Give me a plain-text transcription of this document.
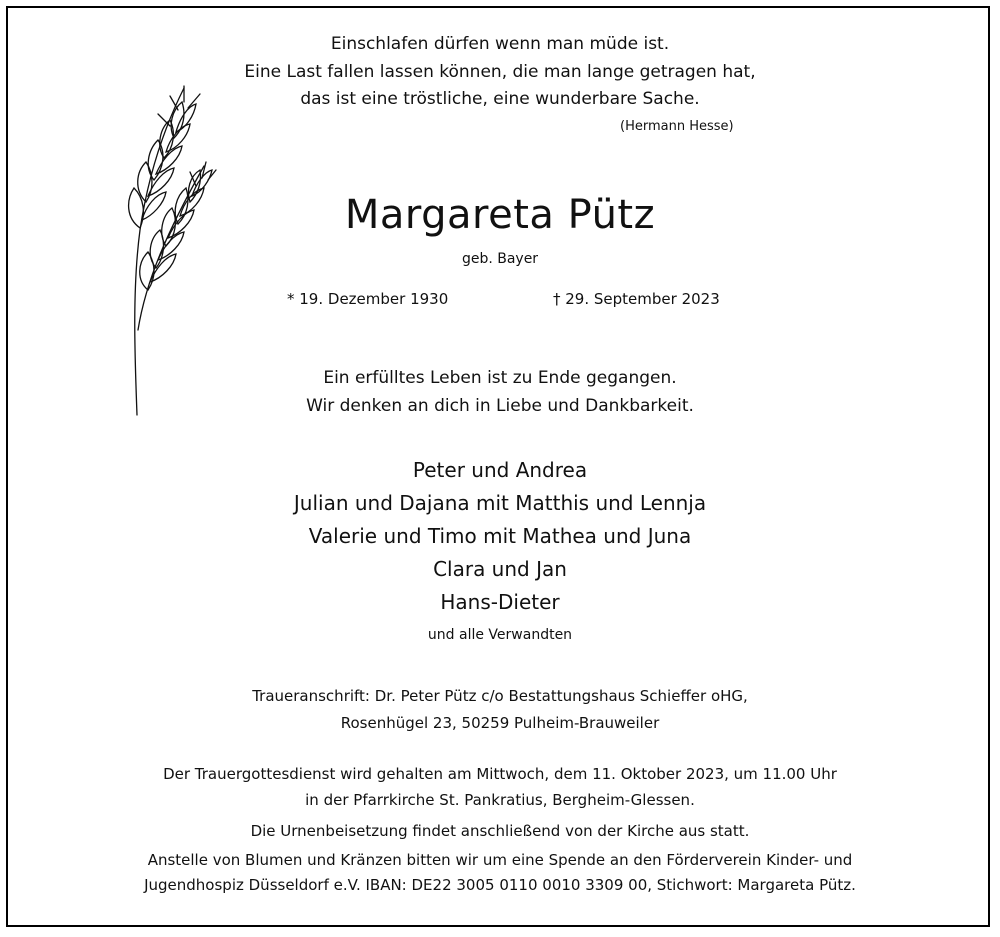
Einschlafen dürfen wenn man müde ist.
Eine Last fallen lassen können, die man lange getragen hat,
das ist eine tröstliche, eine wunderbare Sache.
(Hermann Hesse)
Margareta Pütz
geb. Bayer
* 19. Dezember 1930	† 29. September 2023
Ein erfülltes Leben ist zu Ende gegangen.
Wir denken an dich in Liebe und Dankbarkeit.
Peter und Andrea
Julian und Dajana mit Matthis und Lennja
Valerie und Timo mit Mathea und Juna
Clara und Jan
Hans-Dieter
und alle Verwandten
Traueranschrift: Dr. Peter Pütz c/o Bestattungshaus Schieffer oHG,
Rosenhügel 23, 50259 Pulheim-Brauweiler
Der Trauergottesdienst wird gehalten am Mittwoch, dem 11. Oktober 2023, um 11.00 Uhr
in der Pfarrkirche St. Pankratius, Bergheim-Glessen.
Die Urnenbeisetzung findet anschließend von der Kirche aus statt.
Anstelle von Blumen und Kränzen bitten wir um eine Spende an den Förderverein Kinder- und
Jugendhospiz Düsseldorf e.V. IBAN: DE22 3005 0110 0010 3309 00, Stichwort: Margareta Pütz.
